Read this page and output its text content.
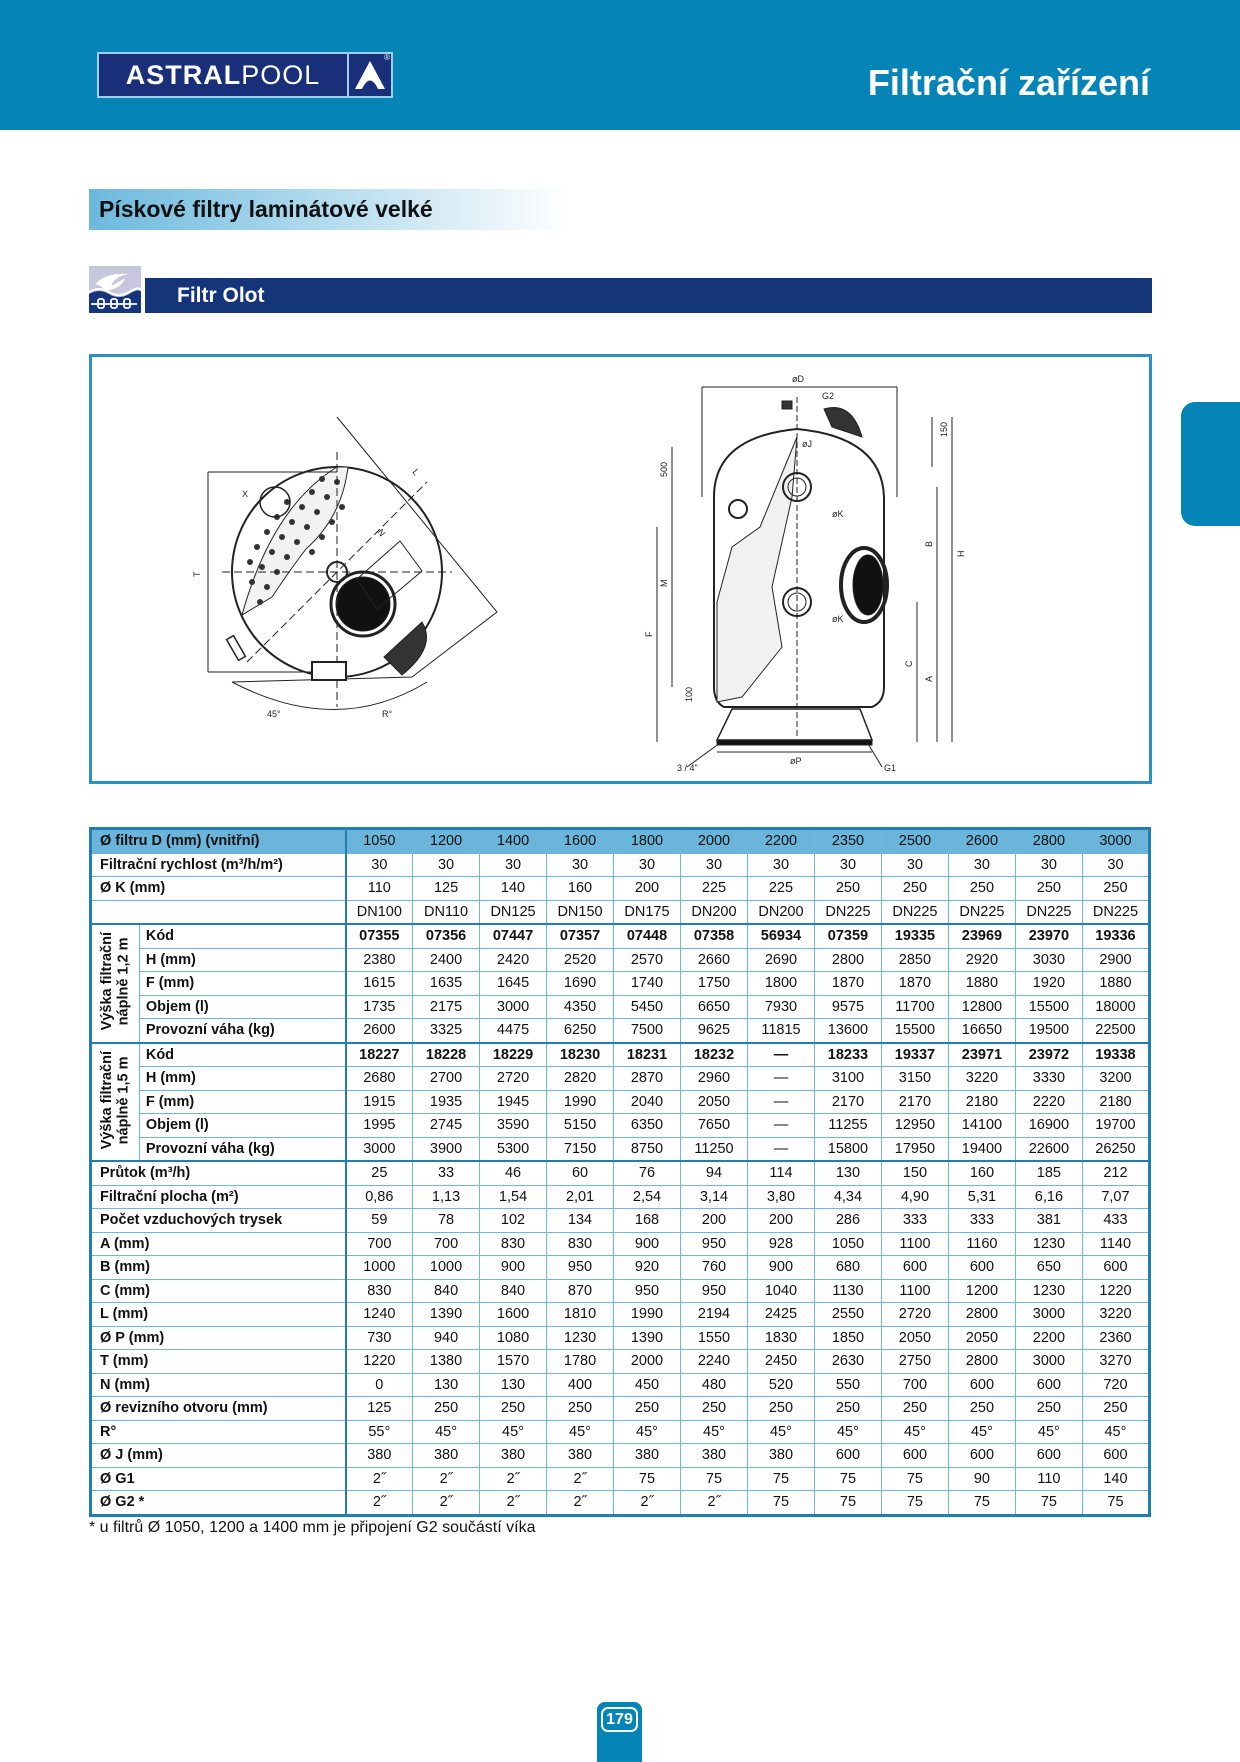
ASTRAL POOL
®
Filtrační zařízení
Pískové filtry laminátové velké
Filtr Olot
X
L
N
T
45°	R°
øD
G2
øJ
øK
øK
150
500
M
F
B
H
C
A
100
3 / 4"
øP
G1
Ø filtru D (mm) (vnitřní)		1050	1200	1400	1600	1800	2000	2200	2350	2500	2600	2800	3000
Filtrační rychlost (m³/h/m²)		30	30	30	30	30	30	30	30	30	30	30	30
Ø K (mm)		110	125	140	160	200	225	225	250	250	250	250	250
		DN100	DN110	DN125	DN150	DN175	DN200	DN200	DN225	DN225	DN225	DN225	DN225

Výška filtrační náplně 1,2 m	Kód	07355	07356	07447	07357	07448	07358	56934	07359	19335	23969	23970	19336
	H (mm)	2380	2400	2420	2520	2570	2660	2690	2800	2850	2920	3030	2900
	F (mm)	1615	1635	1645	1690	1740	1750	1800	1870	1870	1880	1920	1880
	Objem (l)	1735	2175	3000	4350	5450	6650	7930	9575	11700	12800	15500	18000
	Provozní váha (kg)	2600	3325	4475	6250	7500	9625	11815	13600	15500	16650	19500	22500

Výška filtrační náplně 1,5 m	Kód	18227	18228	18229	18230	18231	18232	—	18233	19337	23971	23972	19338
	H (mm)	2680	2700	2720	2820	2870	2960	—	3100	3150	3220	3330	3200
	F (mm)	1915	1935	1945	1990	2040	2050	—	2170	2170	2180	2220	2180
	Objem (l)	1995	2745	3590	5150	6350	7650	—	11255	12950	14100	16900	19700
	Provozní váha (kg)	3000	3900	5300	7150	8750	11250	—	15800	17950	19400	22600	26250
Průtok (m³/h)		25	33	46	60	76	94	114	130	150	160	185	212
Filtrační plocha (m²)		0,86	1,13	1,54	2,01	2,54	3,14	3,80	4,34	4,90	5,31	6,16	7,07
Počet vzduchových trysek		59	78	102	134	168	200	200	286	333	333	381	433
A (mm)		700	700	830	830	900	950	928	1050	1100	1160	1230	1140
B (mm)		1000	1000	900	950	920	760	900	680	600	600	650	600
C (mm)		830	840	840	870	950	950	1040	1130	1100	1200	1230	1220
L (mm)		1240	1390	1600	1810	1990	2194	2425	2550	2720	2800	3000	3220
Ø P (mm)		730	940	1080	1230	1390	1550	1830	1850	2050	2050	2200	2360
T (mm)		1220	1380	1570	1780	2000	2240	2450	2630	2750	2800	3000	3270
N (mm)		0	130	130	400	450	480	520	550	700	600	600	720
Ø revizního otvoru (mm)		125	250	250	250	250	250	250	250	250	250	250	250
R°		55°	45°	45°	45°	45°	45°	45°	45°	45°	45°	45°	45°
Ø J (mm)		380	380	380	380	380	380	380	600	600	600	600	600
Ø G1		2˝	2˝	2˝	2˝	75	75	75	75	75	90	110	140
Ø G2 *		2˝	2˝	2˝	2˝	2˝	2˝	75	75	75	75	75	75
* u filtrů Ø 1050, 1200 a 1400 mm je připojení G2 součástí víka
179
